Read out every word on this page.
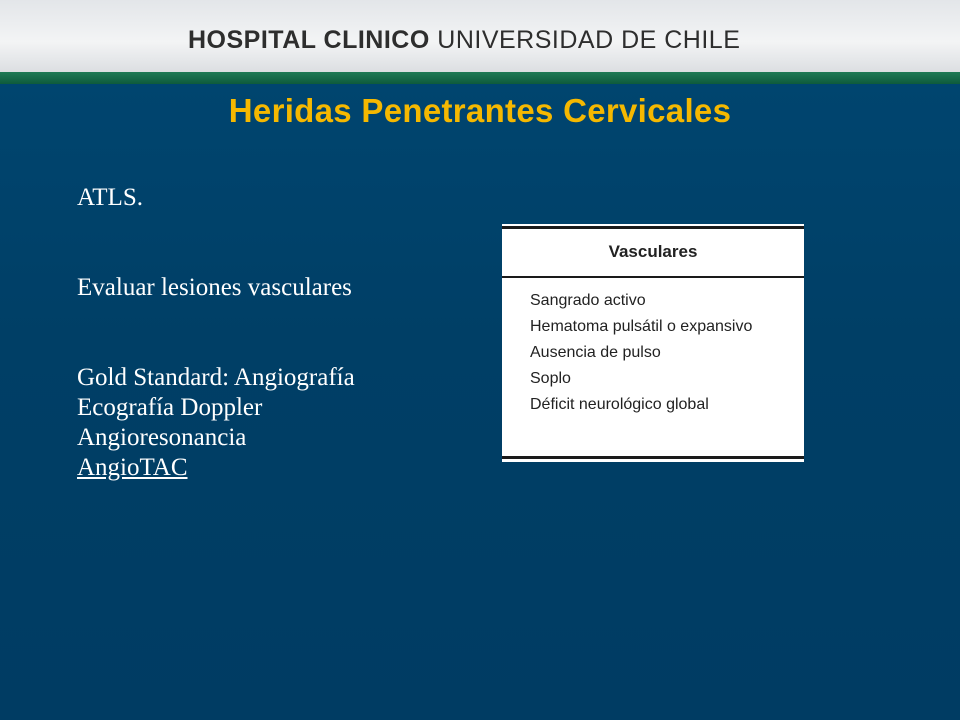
HOSPITAL CLINICO UNIVERSIDAD DE CHILE
Heridas Penetrantes Cervicales
ATLS.
Evaluar lesiones vasculares
Gold Standard: Angiografía
Ecografía Doppler
Angioresonancia
AngioTAC
Vasculares
Sangrado activo
Hematoma pulsátil o expansivo
Ausencia de pulso
Soplo
Déficit neurológico global
